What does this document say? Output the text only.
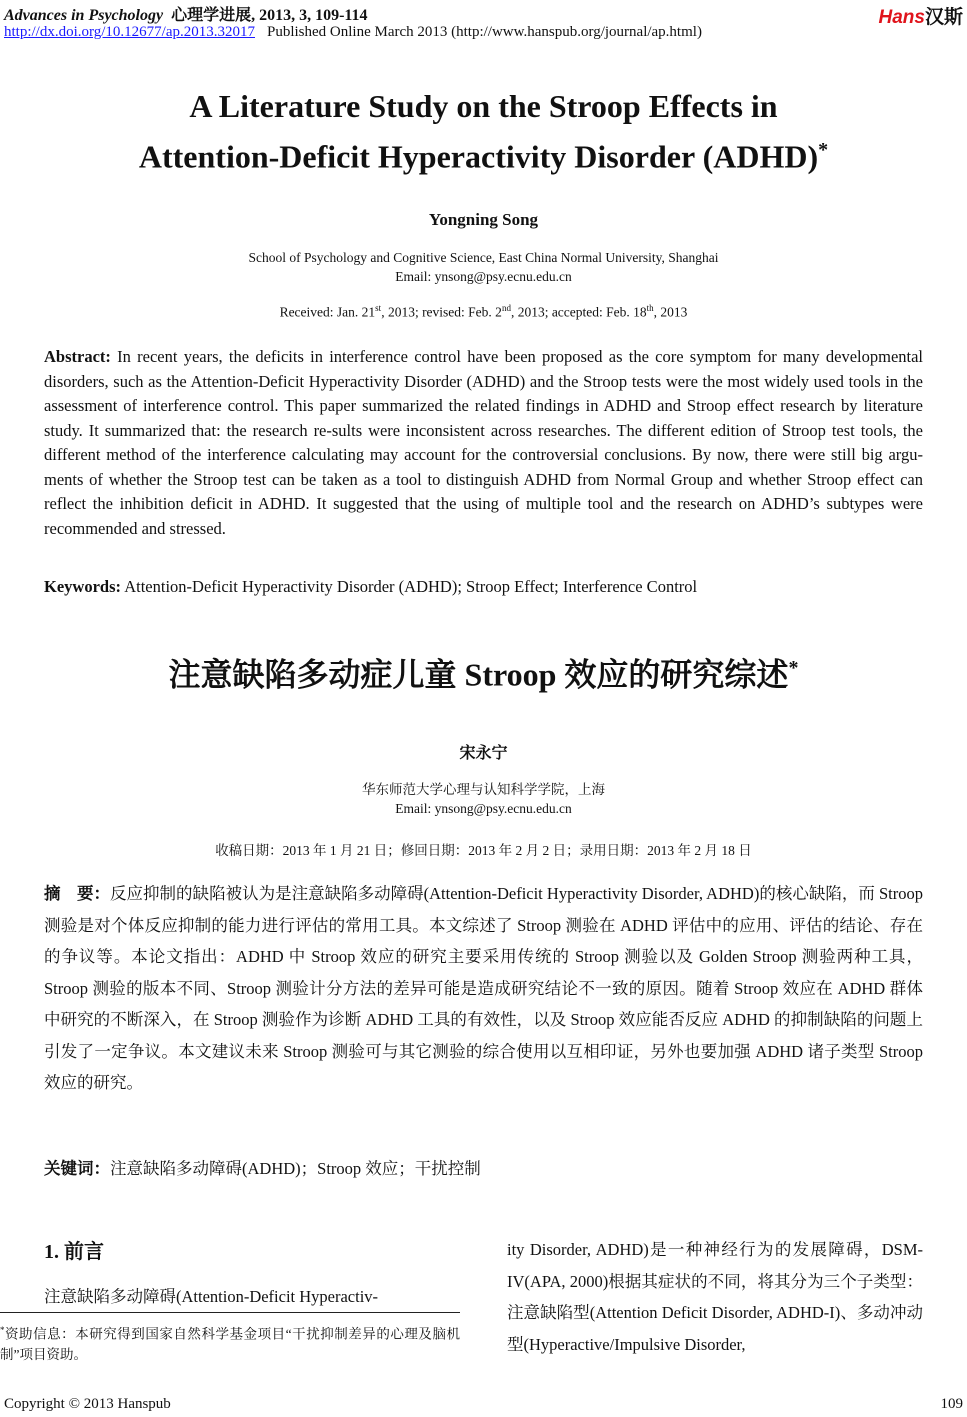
Advances in Psychology 心理学进展, 2013, 3, 109-114
http://dx.doi.org/10.12677/ap.2013.32017 Published Online March 2013 (http://www.hanspub.org/journal/ap.html)
Hans汉斯
A Literature Study on the Stroop Effects in
Attention-Deficit Hyperactivity Disorder (ADHD)*
Yongning Song
School of Psychology and Cognitive Science, East China Normal University, Shanghai
Email: ynsong@psy.ecnu.edu.cn
Received: Jan. 21st, 2013; revised: Feb. 2nd, 2013; accepted: Feb. 18th, 2013
Abstract: In recent years, the deficits in interference control have been proposed as the core symptom for many developmental disorders, such as the Attention-Deficit Hyperactivity Disorder (ADHD) and the Stroop tests were the most widely used tools in the assessment of interference control. This paper summarized the related findings in ADHD and Stroop effect research by literature study. It summarized that: the research re-sults were inconsistent across researches. The different edition of Stroop test tools, the different method of the interference calculating may account for the controversial conclusions. By now, there were still big argu-ments of whether the Stroop test can be taken as a tool to distinguish ADHD from Normal Group and whether Stroop effect can reflect the inhibition deficit in ADHD. It suggested that the using of multiple tool and the research on ADHD’s subtypes were recommended and stressed.
Keywords: Attention-Deficit Hyperactivity Disorder (ADHD); Stroop Effect; Interference Control
注意缺陷多动症儿童 Stroop 效应的研究综述*
宋永宁
华东师范大学心理与认知科学学院，上海
Email: ynsong@psy.ecnu.edu.cn
收稿日期：2013 年 1 月 21 日；修回日期：2013 年 2 月 2 日；录用日期：2013 年 2 月 18 日
摘　要：反应抑制的缺陷被认为是注意缺陷多动障碍(Attention-Deficit Hyperactivity Disorder, ADHD)的核心缺陷，而 Stroop 测验是对个体反应抑制的能力进行评估的常用工具。本文综述了 Stroop 测验在 ADHD 评估中的应用、评估的结论、存在的争议等。本论文指出：ADHD 中 Stroop 效应的研究主要采用传统的 Stroop 测验以及 Golden Stroop 测验两种工具，Stroop 测验的版本不同、Stroop 测验计分方法的差异可能是造成研究结论不一致的原因。随着 Stroop 效应在 ADHD 群体中研究的不断深入，在 Stroop 测验作为诊断 ADHD 工具的有效性，以及 Stroop 效应能否反应 ADHD 的抑制缺陷的问题上引发了一定争议。本文建议未来 Stroop 测验可与其它测验的综合使用以互相印证，另外也要加强 ADHD 诸子类型 Stroop 效应的研究。
关键词：注意缺陷多动障碍(ADHD)；Stroop 效应；干扰控制
1. 前言
注意缺陷多动障碍(Attention-Deficit Hyperactiv-
*资助信息：本研究得到国家自然科学基金项目“干扰抑制差异的心理及脑机制”项目资助。
ity Disorder, ADHD)是一种神经行为的发展障碍，DSM-IV(APA, 2000)根据其症状的不同，将其分为三个子类型：注意缺陷型(Attention Deficit Disorder, ADHD-I)、多动冲动型(Hyperactive/Impulsive Disorder,
Copyright © 2013 Hanspub	109
